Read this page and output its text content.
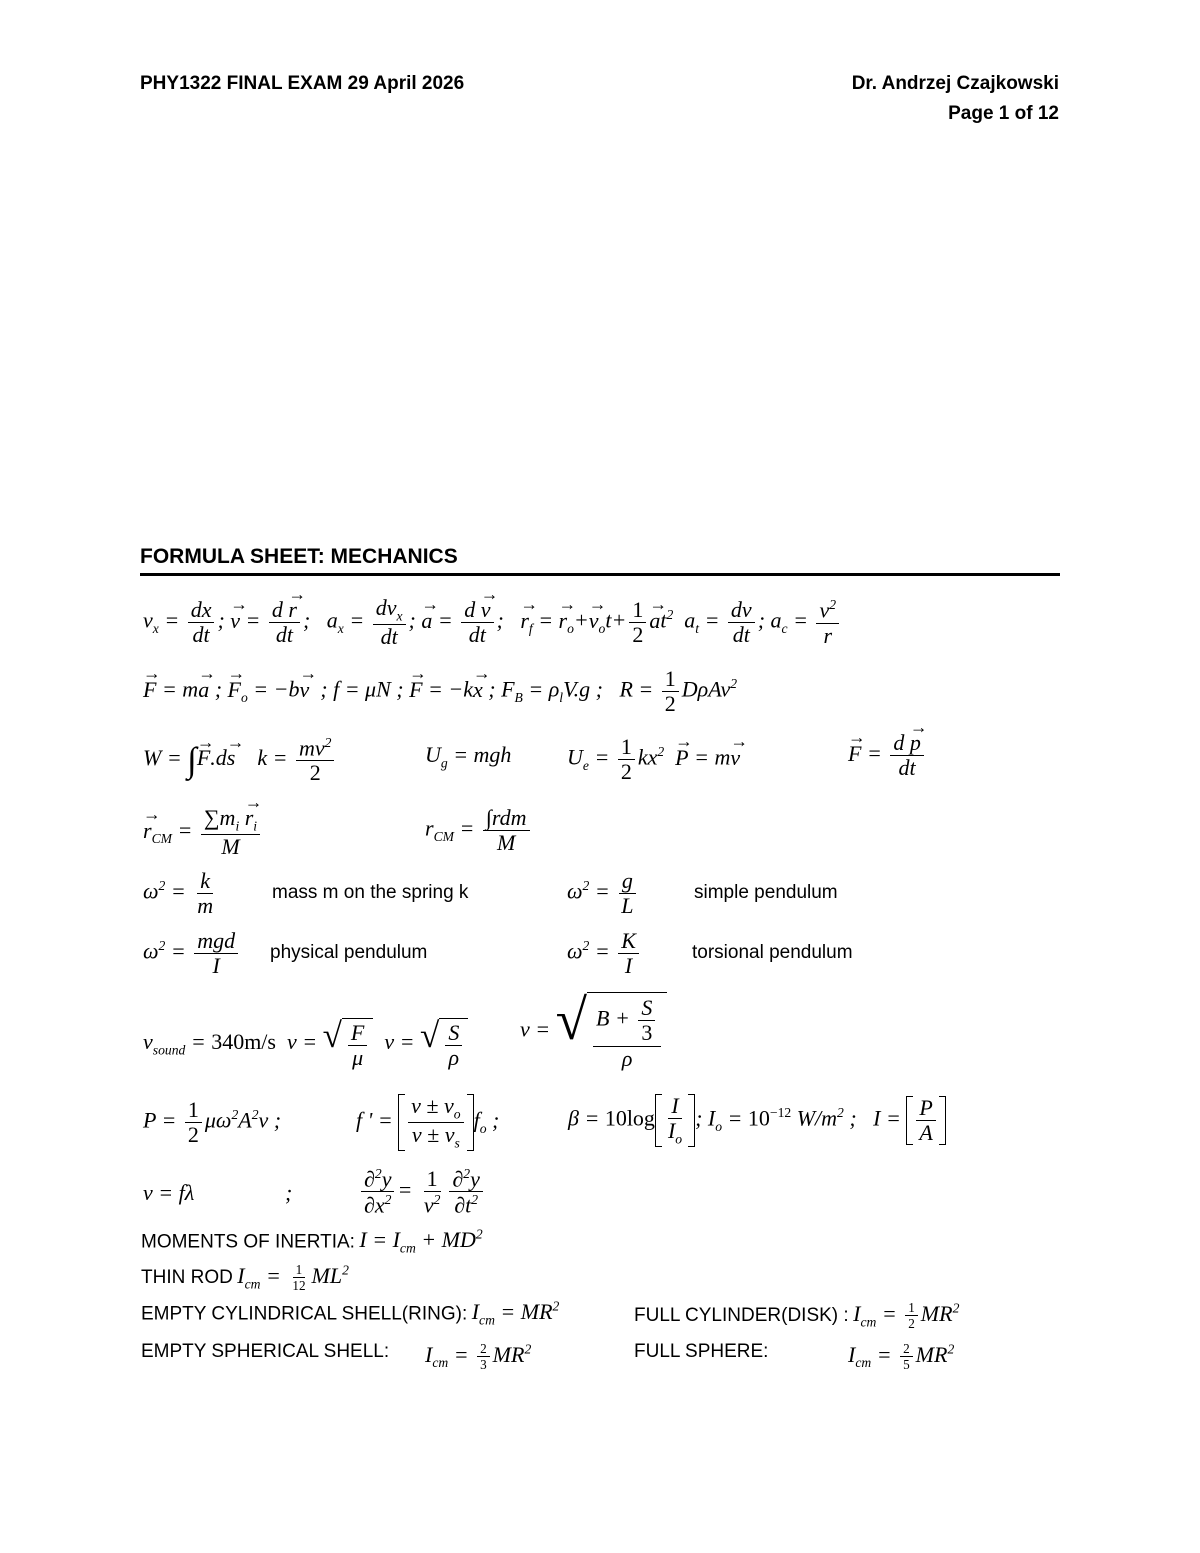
PHY1322 FINAL EXAM 29 April 2026	Dr. Andrzej Czajkowski
Page 1 of 12
FORMULA SHEET: MECHANICS
$v_x = \frac{dx}{dt}$ ; → $v = \frac{d \to r}{dt}$ ;   $a_x = \frac{dv_x}{dt}$ ; → $a = \frac{d \to v}{dt}$ ;   → $r_f$ = → $r_o+\to v_ot+ \frac{1}{2}$
→ $at^2$  $a_t = \frac{dv}{dt}$ ; $a_c = \frac{v^2}{r}$
→ F = m→ a ; → $F_o = -b\to v$  ; f = μN ; → F = −k→ x ; $F_B = \rho_lV.g$ ;   $R = \frac{1}{2} D\rho Av^2$
W = ∫→ F.d→ s    $k = \frac{mv^2}{2}$	$U_g$ = mgh	$U_e = \frac{1}{2} kx^2 \to P = m\to v$
→	$F = \frac{d \to p}{dt}$
→ $r_{CM} = \frac{\sum m_i \to r_i}{M}$	$r_{CM} = \frac{\text{∫rdm}}{M}$
$\omega^2 = \frac{k}{m}$	mass m on the spring k	$\omega^2 = \frac{g}{L}$	simple pendulum
$\omega^2 = \frac{\text{mgd}}{I}$ physical pendulum	$\omega^2 = \frac{K}{I}$	torsional pendulum
$v_{sound} = 340m/s$  v = √ $\frac{F}{\mu}$ v = √ $\frac{S}{\rho}$	v = √ $\frac{B + \frac{S}{3}}{\rho}$
$P = \frac{1}{2} \mu\omega^2A^2v$ ;	f ' = $\frac{v \pm v_o}{v \pm v_s} f_o$ ;	$\beta = 10\log \frac{I}{I_o}$ ; $I_o = 10^{-12}$ $W/m^2$ ;   $I = \frac{P}{A}$
v = fλ	;	$\frac{\partial^2y}{\partial x^2} = \frac{1}{v^2} \frac{\partial^2y}{\partial t^2}$
MOMENTS OF INERTIA: $I = I_{cm} + MD^2$
THIN ROD $I_{cm} = \frac{1}{12} ML^2$
EMPTY CYLINDRICAL SHELL(RING): $I_{cm} = MR^2$	FULL CYLINDER(DISK) : $I_{cm} = \frac{1}{2} MR^2$
EMPTY SPHERICAL SHELL: $I_{cm} = \frac{2}{3} MR^2$	FULL SPHERE:	$I_{cm} = \frac{2}{5} MR^2$
